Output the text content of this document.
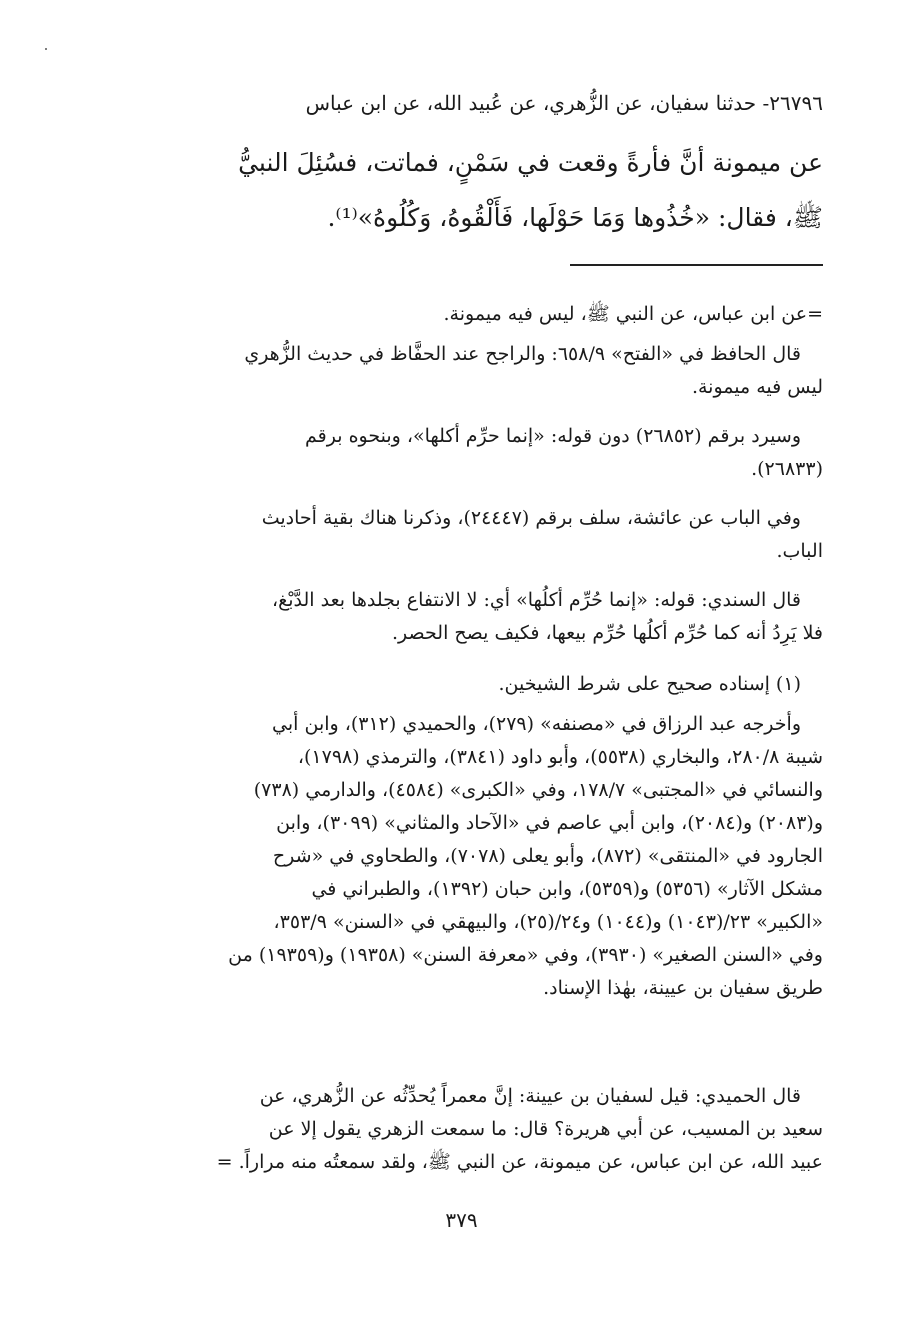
٢٦٧٩٦- حدثنا سفيان، عن الزُّهري، عن عُبيد الله، عن ابن عباس
عن ميمونة أنَّ فأرةً وقعت في سَمْنٍ، فماتت، فسُئِلَ النبيُّ
ﷺ، فقال: «خُذُوها وَمَا حَوْلَها، فَأَلْقُوهُ، وَكُلُوهُ»⁽¹⁾.
=عن ابن عباس، عن النبي ﷺ، ليس فيه ميمونة.
قال الحافظ في «الفتح» ٦٥٨/٩: والراجح عند الحفَّاظ في حديث الزُّهري
ليس فيه ميمونة.
وسيرد برقم (٢٦٨٥٢) دون قوله: «إنما حرِّم أكلها»، وبنحوه برقم
(٢٦٨٣٣).
وفي الباب عن عائشة، سلف برقم (٢٤٤٤٧)، وذكرنا هناك بقية أحاديث
الباب.
قال السندي: قوله: «إنما حُرِّم أكلُها» أي: لا الانتفاع بجلدها بعد الدَّبْغ،
فلا يَرِدُ أنه كما حُرِّم أكلُها حُرِّم بيعها، فكيف يصح الحصر.
(١) إسناده صحيح على شرط الشيخين.
وأخرجه عبد الرزاق في «مصنفه» (٢٧٩)، والحميدي (٣١٢)، وابن أبي
شيبة ٢٨٠/٨، والبخاري (٥٥٣٨)، وأبو داود (٣٨٤١)، والترمذي (١٧٩٨)،
والنسائي في «المجتبى» ١٧٨/٧، وفي «الكبرى» (٤٥٨٤)، والدارمي (٧٣٨)
و(٢٠٨٣) و(٢٠٨٤)، وابن أبي عاصم في «الآحاد والمثاني» (٣٠٩٩)، وابن
الجارود في «المنتقى» (٨٧٢)، وأبو يعلى (٧٠٧٨)، والطحاوي في «شرح
مشكل الآثار» (٥٣٥٦) و(٥٣٥٩)، وابن حبان (١٣٩٢)، والطبراني في
«الكبير» ٢٣/(١٠٤٣) و(١٠٤٤) و٢٤/(٢٥)، والبيهقي في «السنن» ٣٥٣/٩،
وفي «السنن الصغير» (٣٩٣٠)، وفي «معرفة السنن» (١٩٣٥٨) و(١٩٣٥٩) من
طريق سفيان بن عيينة، بهٰذا الإسناد.
قال الحميدي: قيل لسفيان بن عيينة: إنَّ معمراً يُحدِّثُه عن الزُّهري، عن
سعيد بن المسيب، عن أبي هريرة؟ قال: ما سمعت الزهري يقول إلا عن
عبيد الله، عن ابن عباس، عن ميمونة، عن النبي ﷺ، ولقد سمعتُه منه مراراً. =
٣٧٩
